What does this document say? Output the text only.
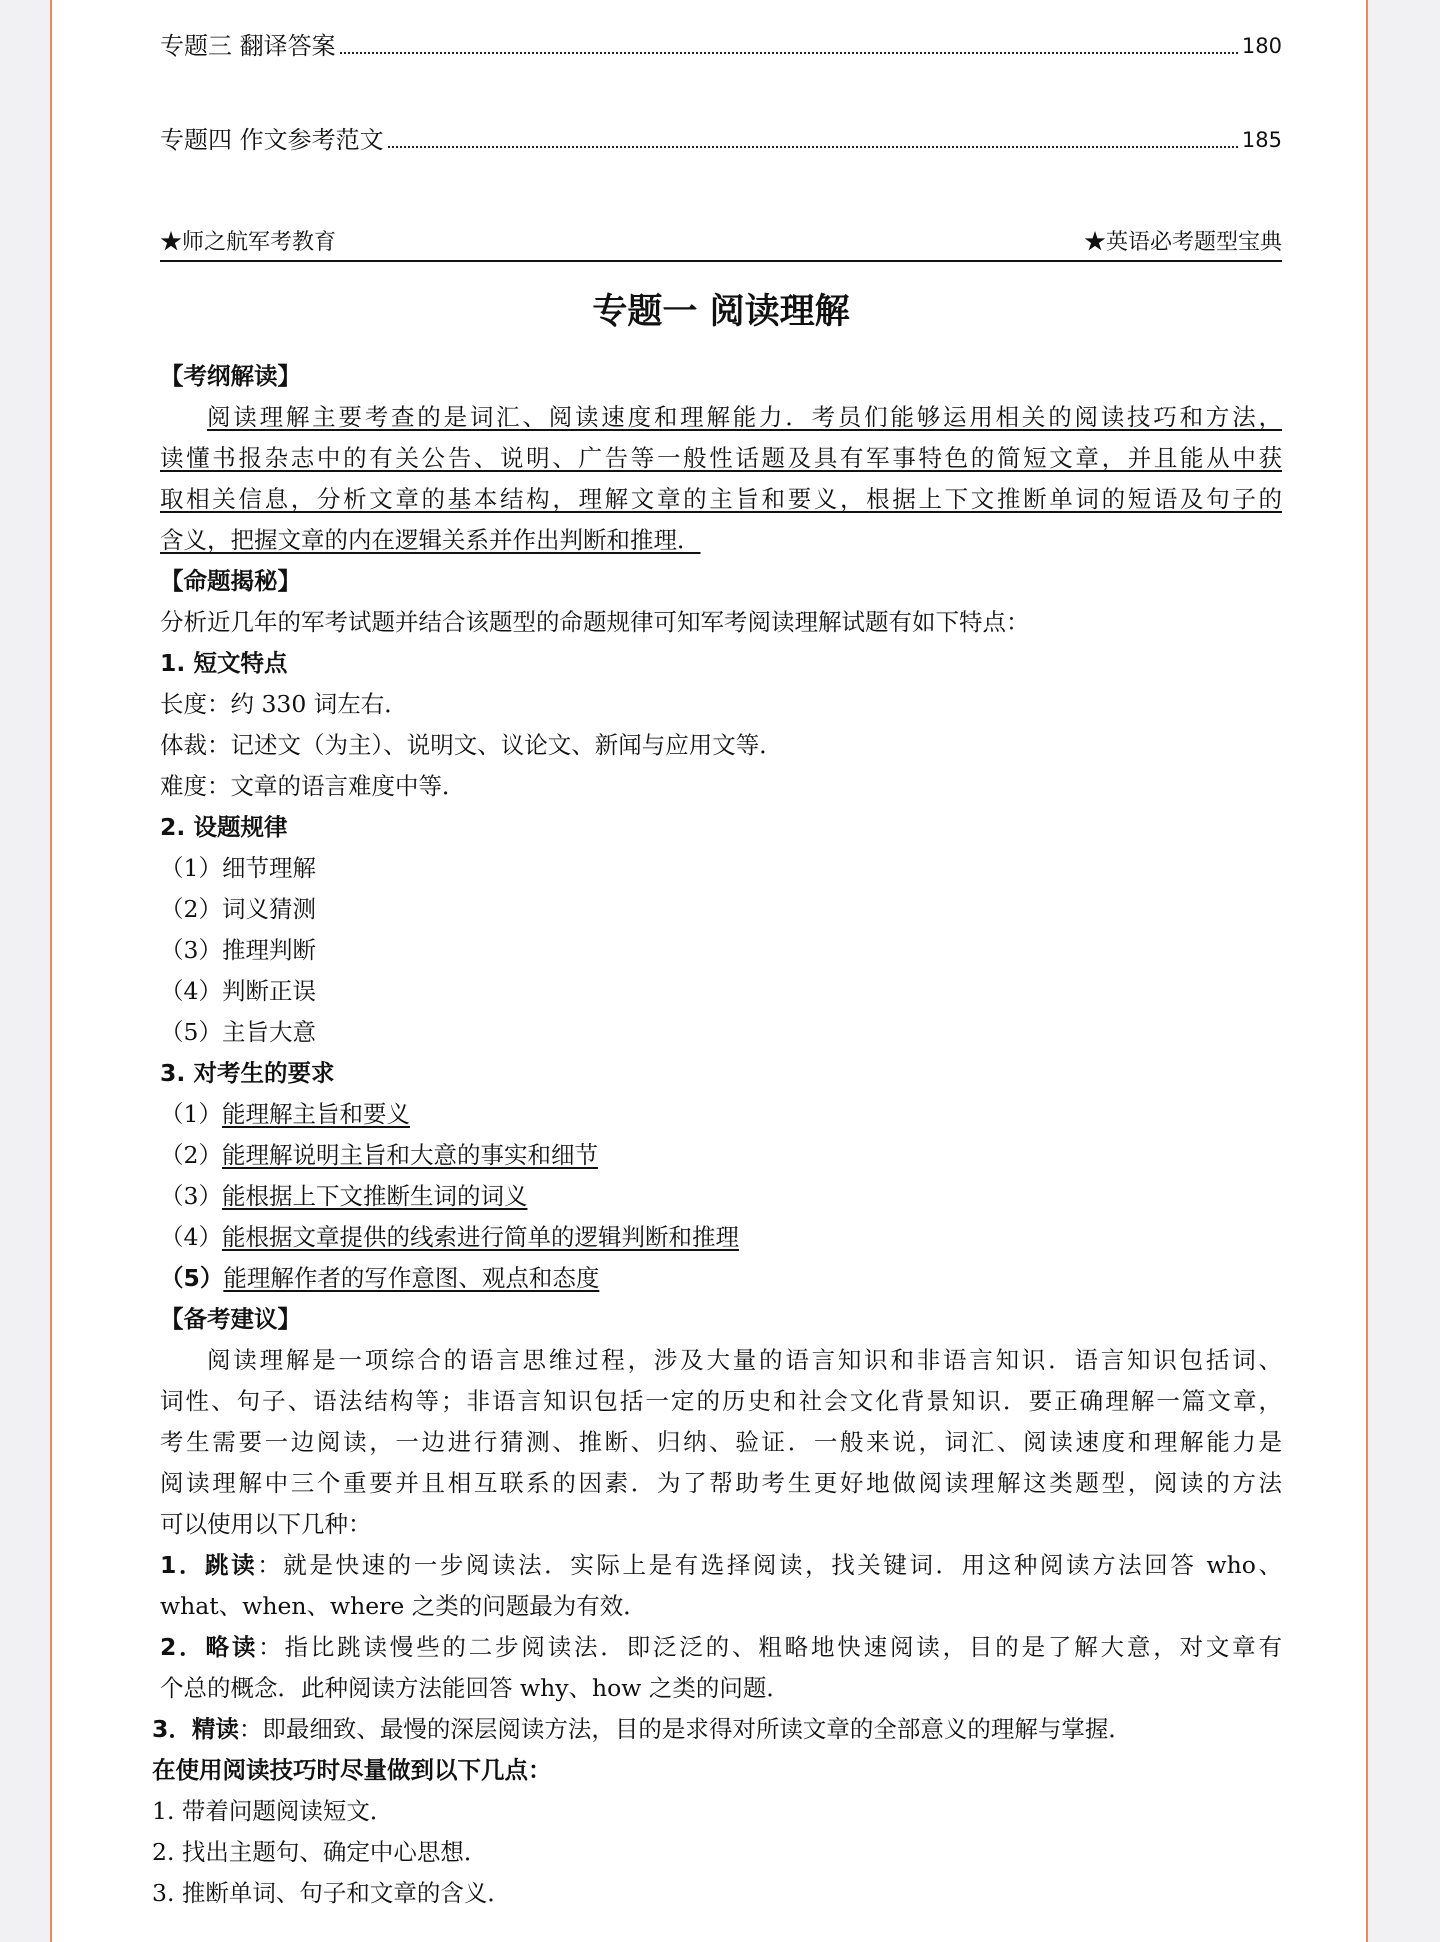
专题三 翻译答案	180
专题四 作文参考范文	185
★师之航军考教育	★英语必考题型宝典
专题一 阅读理解
【考纲解读】
阅读理解主要考查的是词汇、阅读速度和理解能力．考员们能够运用相关的阅读技巧和方法，
读懂书报杂志中的有关公告、说明、广告等一般性话题及具有军事特色的简短文章，并且能从中获
取相关信息，分析文章的基本结构，理解文章的主旨和要义，根据上下文推断单词的短语及句子的
含义，把握文章的内在逻辑关系并作出判断和推理．
【命题揭秘】
分析近几年的军考试题并结合该题型的命题规律可知军考阅读理解试题有如下特点：
1. 短文特点
长度：约 330 词左右．
体裁：记述文（为主）、说明文、议论文、新闻与应用文等．
难度：文章的语言难度中等．
2. 设题规律
（1）细节理解
（2）词义猜测
（3）推理判断
（4）判断正误
（5）主旨大意
3. 对考生的要求
（1）能理解主旨和要义
（2）能理解说明主旨和大意的事实和细节
（3）能根据上下文推断生词的词义
（4）能根据文章提供的线索进行简单的逻辑判断和推理
（5）能理解作者的写作意图、观点和态度
【备考建议】
阅读理解是一项综合的语言思维过程，涉及大量的语言知识和非语言知识．语言知识包括词、
词性、句子、语法结构等；非语言知识包括一定的历史和社会文化背景知识．要正确理解一篇文章，
考生需要一边阅读，一边进行猜测、推断、归纳、验证．一般来说，词汇、阅读速度和理解能力是
阅读理解中三个重要并且相互联系的因素．为了帮助考生更好地做阅读理解这类题型，阅读的方法
可以使用以下几种：
1．跳读：就是快速的一步阅读法．实际上是有选择阅读，找关键词．用这种阅读方法回答 who、
what、when、where 之类的问题最为有效．
2．略读：指比跳读慢些的二步阅读法．即泛泛的、粗略地快速阅读，目的是了解大意，对文章有
个总的概念．此种阅读方法能回答 why、how 之类的问题．
3．精读：即最细致、最慢的深层阅读方法，目的是求得对所读文章的全部意义的理解与掌握．
在使用阅读技巧时尽量做到以下几点：
1. 带着问题阅读短文．
2. 找出主题句、确定中心思想．
3. 推断单词、句子和文章的含义．
